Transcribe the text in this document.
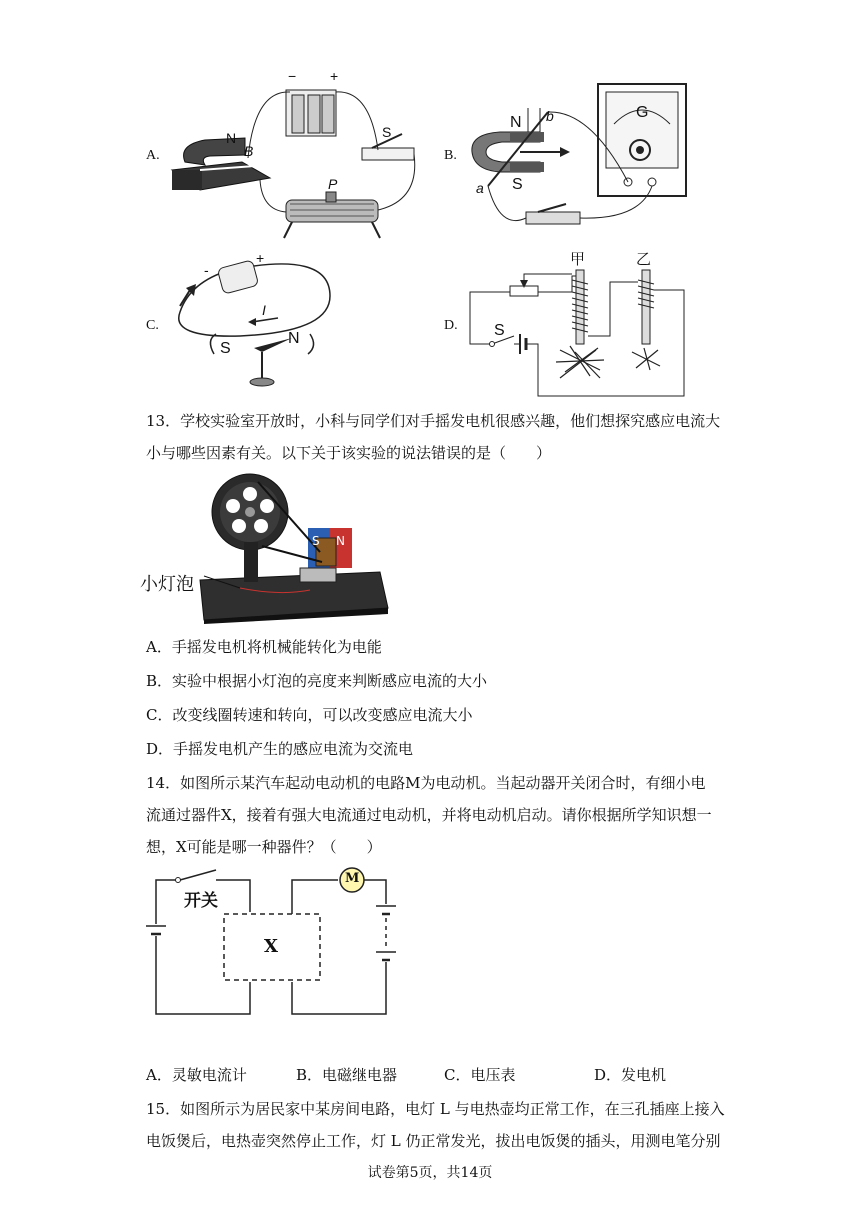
A.
N
B
− +
S
P
B.
N b
a S
G
C.
-
+
I
S
N
D.
甲	乙
S
13．学校实验室开放时，小科与同学们对手摇发电机很感兴趣，他们想探究感应电流大
小与哪些因素有关。以下关于该实验的说法错误的是（　　）
小灯泡
S N
A．手摇发电机将机械能转化为电能
B．实验中根据小灯泡的亮度来判断感应电流的大小
C．改变线圈转速和转向，可以改变感应电流大小
D．手摇发电机产生的感应电流为交流电
14．如图所示某汽车起动电动机的电路M为电动机。当起动器开关闭合时，有细小电
流通过器件X，接着有强大电流通过电动机，并将电动机启动。请你根据所学知识想一
想，X可能是哪一种器件？（　　）
开关
X
M
A．灵敏电流计	B．电磁继电器	C．电压表	D．发电机
15．如图所示为居民家中某房间电路，电灯 L 与电热壶均正常工作，在三孔插座上接入
电饭煲后，电热壶突然停止工作，灯 L 仍正常发光，拔出电饭煲的插头，用测电笔分别
试卷第5页，共14页
